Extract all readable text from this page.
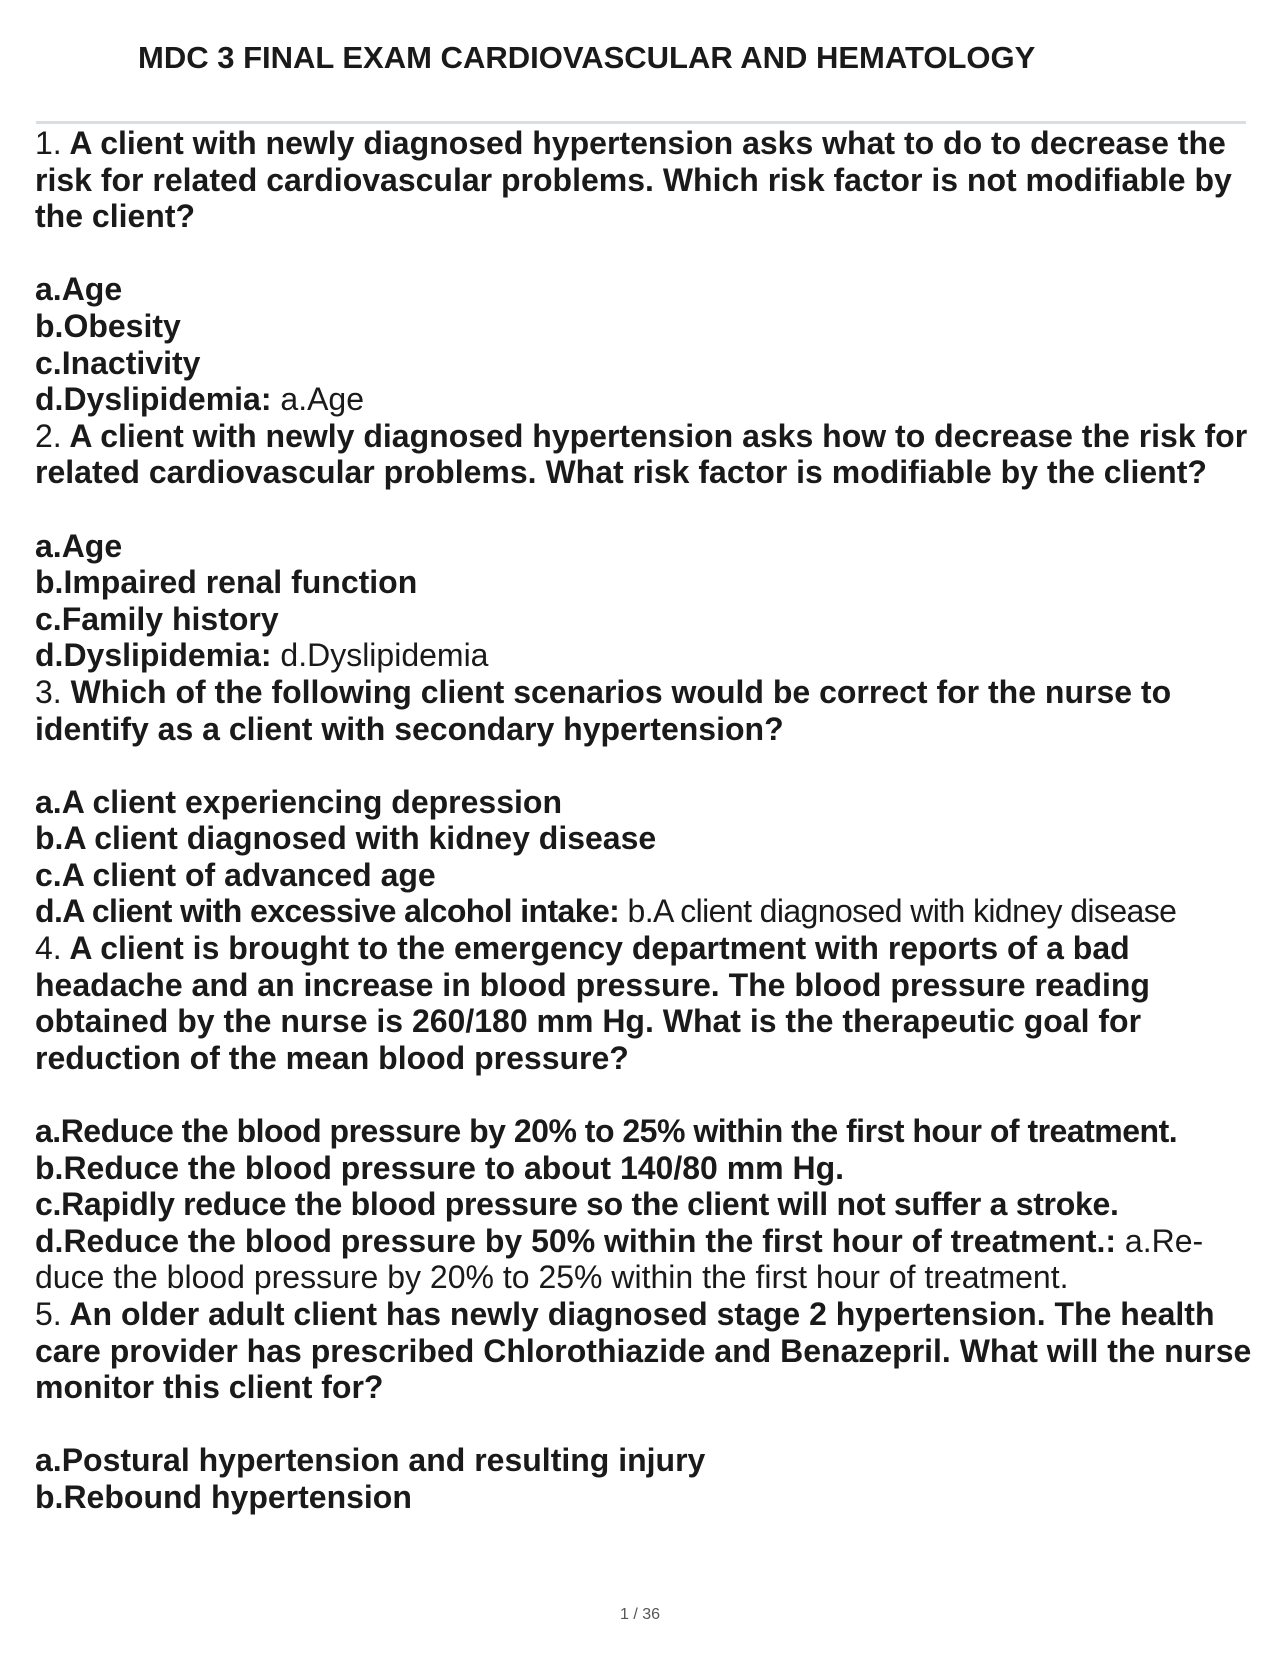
MDC 3 FINAL EXAM CARDIOVASCULAR AND HEMATOLOGY

1. A client with newly diagnosed hypertension asks what to do to decrease the risk for related cardiovascular problems. Which risk factor is not modifiable by the client?

a.Age
b.Obesity
c.Inactivity
d.Dyslipidemia: a.Age

2. A client with newly diagnosed hypertension asks how to decrease the risk for related cardiovascular problems. What risk factor is modifiable by the client?

a.Age
b.Impaired renal function
c.Family history
d.Dyslipidemia: d.Dyslipidemia

3. Which of the following client scenarios would be correct for the nurse to identify as a client with secondary hypertension?

a.A client experiencing depression
b.A client diagnosed with kidney disease
c.A client of advanced age
d.A client with excessive alcohol intake: b.A client diagnosed with kidney disease

4. A client is brought to the emergency department with reports of a bad headache and an increase in blood pressure. The blood pressure reading obtained by the nurse is 260/180 mm Hg. What is the therapeutic goal for reduction of the mean blood pressure?

a.Reduce the blood pressure by 20% to 25% within the first hour of treatment.
b.Reduce the blood pressure to about 140/80 mm Hg.
c.Rapidly reduce the blood pressure so the client will not suffer a stroke.
d.Reduce the blood pressure by 50% within the first hour of treatment.: a.Re- duce the blood pressure by 20% to 25% within the first hour of treatment.

5. An older adult client has newly diagnosed stage 2 hypertension. The health care provider has prescribed Chlorothiazide and Benazepril. What will the nurse monitor this client for?

a.Postural hypertension and resulting injury
b.Rebound hypertension
1 / 36
